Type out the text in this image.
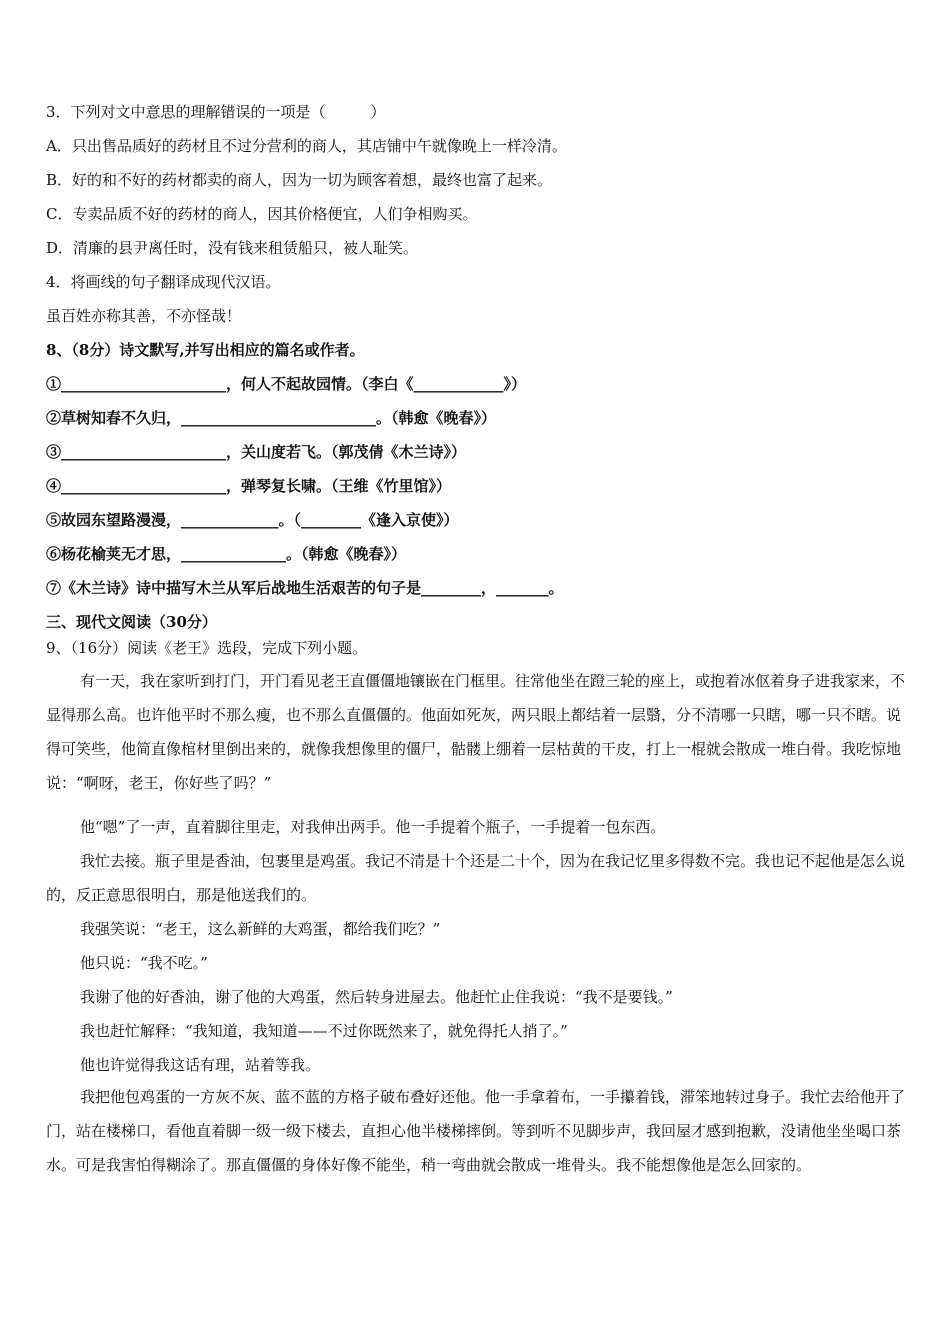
3．下列对文中意思的理解错误的一项是（　　　）
A．只出售品质好的药材且不过分营利的商人，其店铺中午就像晚上一样冷清。
B．好的和不好的药材都卖的商人，因为一切为顾客着想，最终也富了起来。
C．专卖品质不好的药材的商人，因其价格便宜，人们争相购买。
D．清廉的县尹离任时，没有钱来租赁船只，被人耻笑。
4．将画线的句子翻译成现代汉语。
虽百姓亦称其善，不亦怪哉！
8、（8分）诗文默写,并写出相应的篇名或作者。
①______________________，何人不起故园情。（李白《____________》）
②草树知春不久归，__________________________。（韩愈《晚春》）
③______________________，关山度若飞。（郭茂倩《木兰诗》）
④______________________，弹琴复长啸。（王维《竹里馆》）
⑤故园东望路漫漫，_____________。（________《逢入京使》）
⑥杨花榆荚无才思，______________。（韩愈《晚春》）
⑦《木兰诗》诗中描写木兰从军后战地生活艰苦的句子是________，_______。
三、现代文阅读（30分）
9、（16分）阅读《老王》选段，完成下列小题。
有一天，我在家听到打门，开门看见老王直僵僵地镶嵌在门框里。往常他坐在蹬三轮的座上，或抱着冰伛着身子进我家来，不显得那么高。也许他平时不那么瘦，也不那么直僵僵的。他面如死灰，两只眼上都结着一层翳，分不清哪一只瞎，哪一只不瞎。说得可笑些，他简直像棺材里倒出来的，就像我想像里的僵尸，骷髅上绷着一层枯黄的干皮，打上一棍就会散成一堆白骨。我吃惊地说：“啊呀，老王，你好些了吗？”
他“嗯”了一声，直着脚往里走，对我伸出两手。他一手提着个瓶子，一手提着一包东西。
我忙去接。瓶子里是香油，包裹里是鸡蛋。我记不清是十个还是二十个，因为在我记忆里多得数不完。我也记不起他是怎么说的，反正意思很明白，那是他送我们的。
我强笑说：“老王，这么新鲜的大鸡蛋，都给我们吃？”
他只说：“我不吃。”
我谢了他的好香油，谢了他的大鸡蛋，然后转身进屋去。他赶忙止住我说：“我不是要钱。”
我也赶忙解释：“我知道，我知道——不过你既然来了，就免得托人捎了。”
他也许觉得我这话有理，站着等我。
我把他包鸡蛋的一方灰不灰、蓝不蓝的方格子破布叠好还他。他一手拿着布，一手攥着钱，滞笨地转过身子。我忙去给他开了门，站在楼梯口，看他直着脚一级一级下楼去，直担心他半楼梯摔倒。等到听不见脚步声，我回屋才感到抱歉，没请他坐坐喝口茶水。可是我害怕得糊涂了。那直僵僵的身体好像不能坐，稍一弯曲就会散成一堆骨头。我不能想像他是怎么回家的。
